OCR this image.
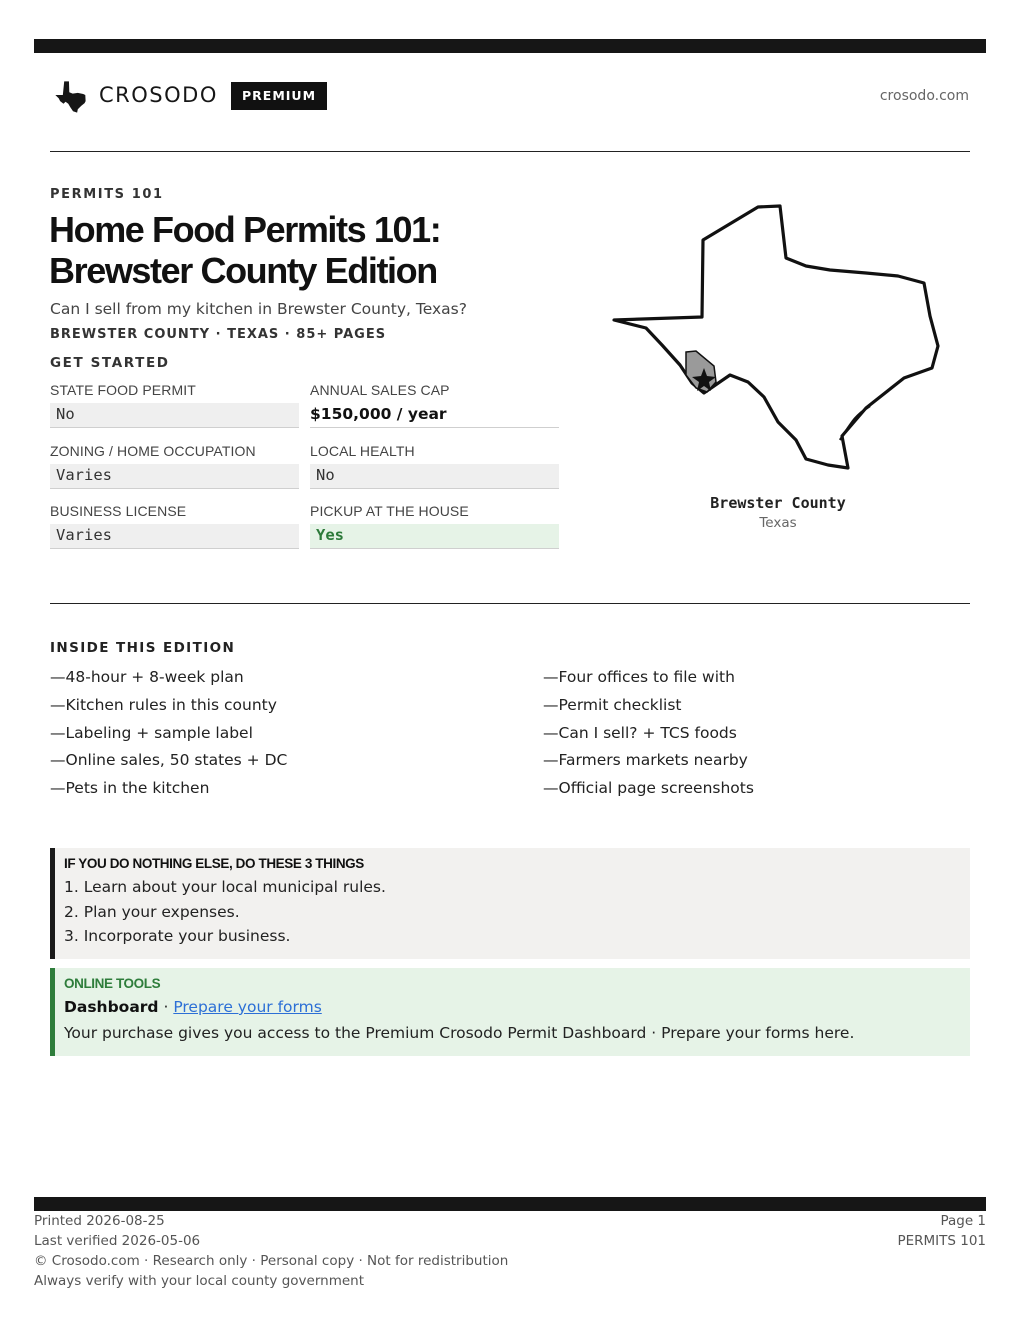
CROSODO	PREMIUM	crosodo.com
PERMITS 101
Home Food Permits 101:
Brewster County Edition
Can I sell from my kitchen in Brewster County, Texas?
BREWSTER COUNTY · TEXAS · 85+ PAGES
GET STARTED
STATE FOOD PERMIT
No
ANNUAL SALES CAP
$150,000 / year
ZONING / HOME OCCUPATION
Varies
LOCAL HEALTH
No
BUSINESS LICENSE
Varies
PICKUP AT THE HOUSE
Yes
Brewster County
Texas
INSIDE THIS EDITION
—48-hour + 8-week plan
—Kitchen rules in this county
—Labeling + sample label
—Online sales, 50 states + DC
—Pets in the kitchen
—Four offices to file with
—Permit checklist
—Can I sell? + TCS foods
—Farmers markets nearby
—Official page screenshots
IF YOU DO NOTHING ELSE, DO THESE 3 THINGS
1. Learn about your local municipal rules.
2. Plan your expenses.
3. Incorporate your business.
ONLINE TOOLS
Dashboard · Prepare your forms
Your purchase gives you access to the Premium Crosodo Permit Dashboard · Prepare your forms here.
Printed 2026-08-25
Last verified 2026-05-06
© Crosodo.com · Research only · Personal copy · Not for redistribution
Always verify with your local county government
Page 1
PERMITS 101
